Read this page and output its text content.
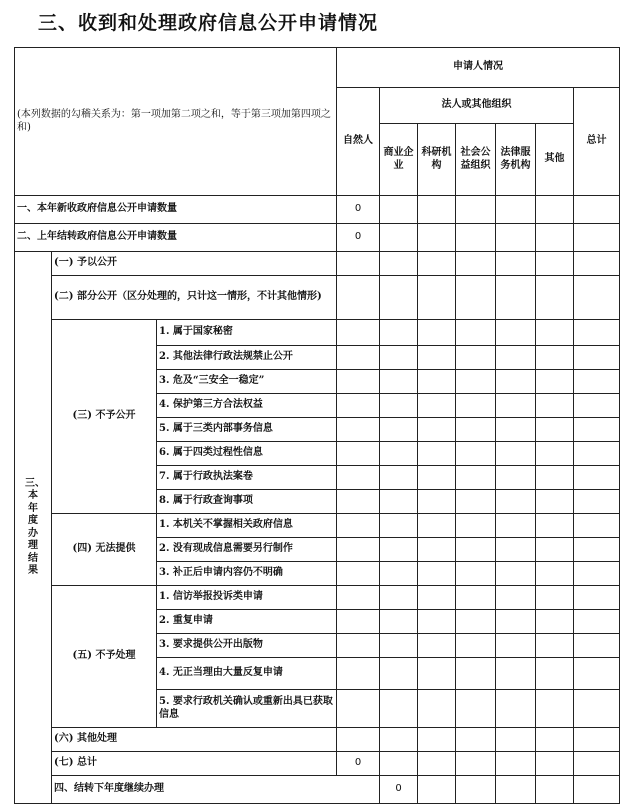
三、收到和处理政府信息公开申请情况
(本列数据的勾稽关系为：第一项加第二项之和，等于第三项加第四项之和)			申请人情况							
			自然人	法人或其他组织					总计	
				商业企业	科研机构	社会公益组织	法律服务机构	其他		
一、本年新收政府信息公开申请数量			0							
二、上年结转政府信息公开申请数量			0							
三、本年度办理结果	(一) 予以公开									
	(二) 部分公开（区分处理的，只计这一情形，不计其他情形)									
	(三) 不予公开	1. 属于国家秘密								
		2. 其他法律行政法规禁止公开								
		3. 危及“三安全一稳定”								
		4. 保护第三方合法权益								
		5. 属于三类内部事务信息								
		6. 属于四类过程性信息								
		7. 属于行政执法案卷								
		8. 属于行政查询事项								
	(四) 无法提供	1. 本机关不掌握相关政府信息								
		2. 没有现成信息需要另行制作								
		3. 补正后申请内容仍不明确								
	(五) 不予处理	1. 信访举报投诉类申请								
		2. 重复申请								
		3. 要求提供公开出版物								
		4. 无正当理由大量反复申请								
		5. 要求行政机关确认或重新出具已获取信息								
	(六) 其他处理									
	(七) 总计		0							
	四、结转下年度继续办理			0						
